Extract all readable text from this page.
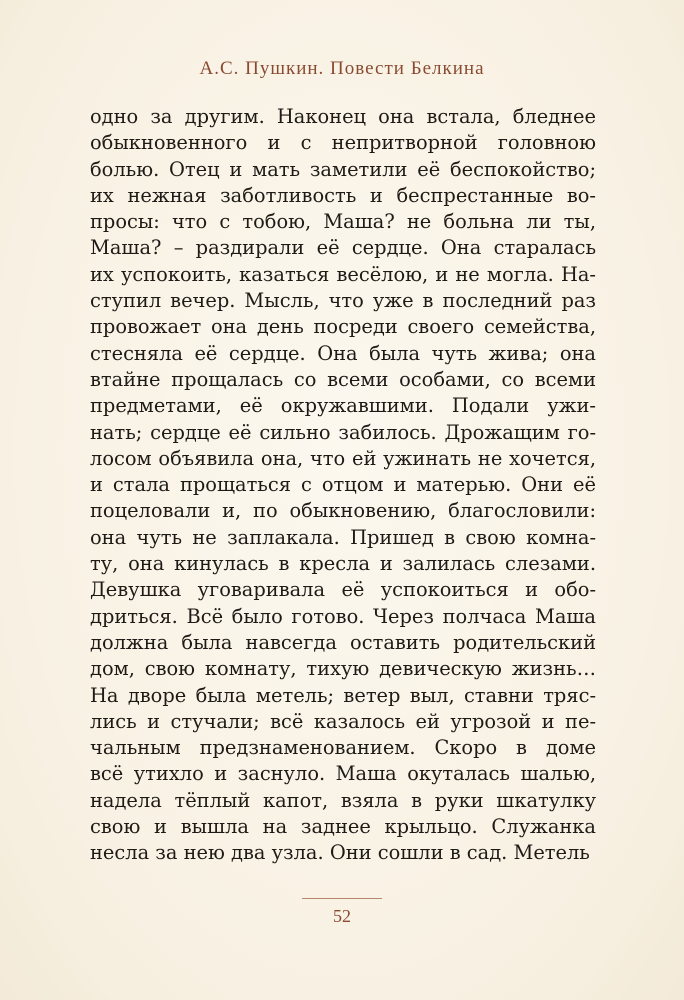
А.С. Пушкин. Повести Белкина
одно за другим. Наконец она встала, бледнее
обыкновенного и с непритворной головною
болью. Отец и мать заметили её беспокойство;
их нежная заботливость и беспрестанные во-
просы: что с тобою, Маша? не больна ли ты,
Маша? – раздирали её сердце. Она старалась
их успокоить, казаться весёлою, и не могла. На-
ступил вечер. Мысль, что уже в последний раз
провожает она день посреди своего семейства,
стесняла её сердце. Она была чуть жива; она
втайне прощалась со всеми особами, со всеми
предметами, её окружавшими. Подали ужи-
нать; сердце её сильно забилось. Дрожащим го-
лосом объявила она, что ей ужинать не хочется,
и стала прощаться с отцом и матерью. Они её
поцеловали и, по обыкновению, благословили:
она чуть не заплакала. Пришед в свою комна-
ту, она кинулась в кресла и залилась слезами.
Девушка уговаривала её успокоиться и обо-
дриться. Всё было готово. Через полчаса Маша
должна была навсегда оставить родительский
дом, свою комнату, тихую девическую жизнь…
На дворе была метель; ветер выл, ставни тряс-
лись и стучали; всё казалось ей угрозой и пе-
чальным предзнаменованием. Скоро в доме
всё утихло и заснуло. Маша окуталась шалью,
надела тёплый капот, взяла в руки шкатулку
свою и вышла на заднее крыльцо. Служанка
несла за нею два узла. Они сошли в сад. Метель
52
